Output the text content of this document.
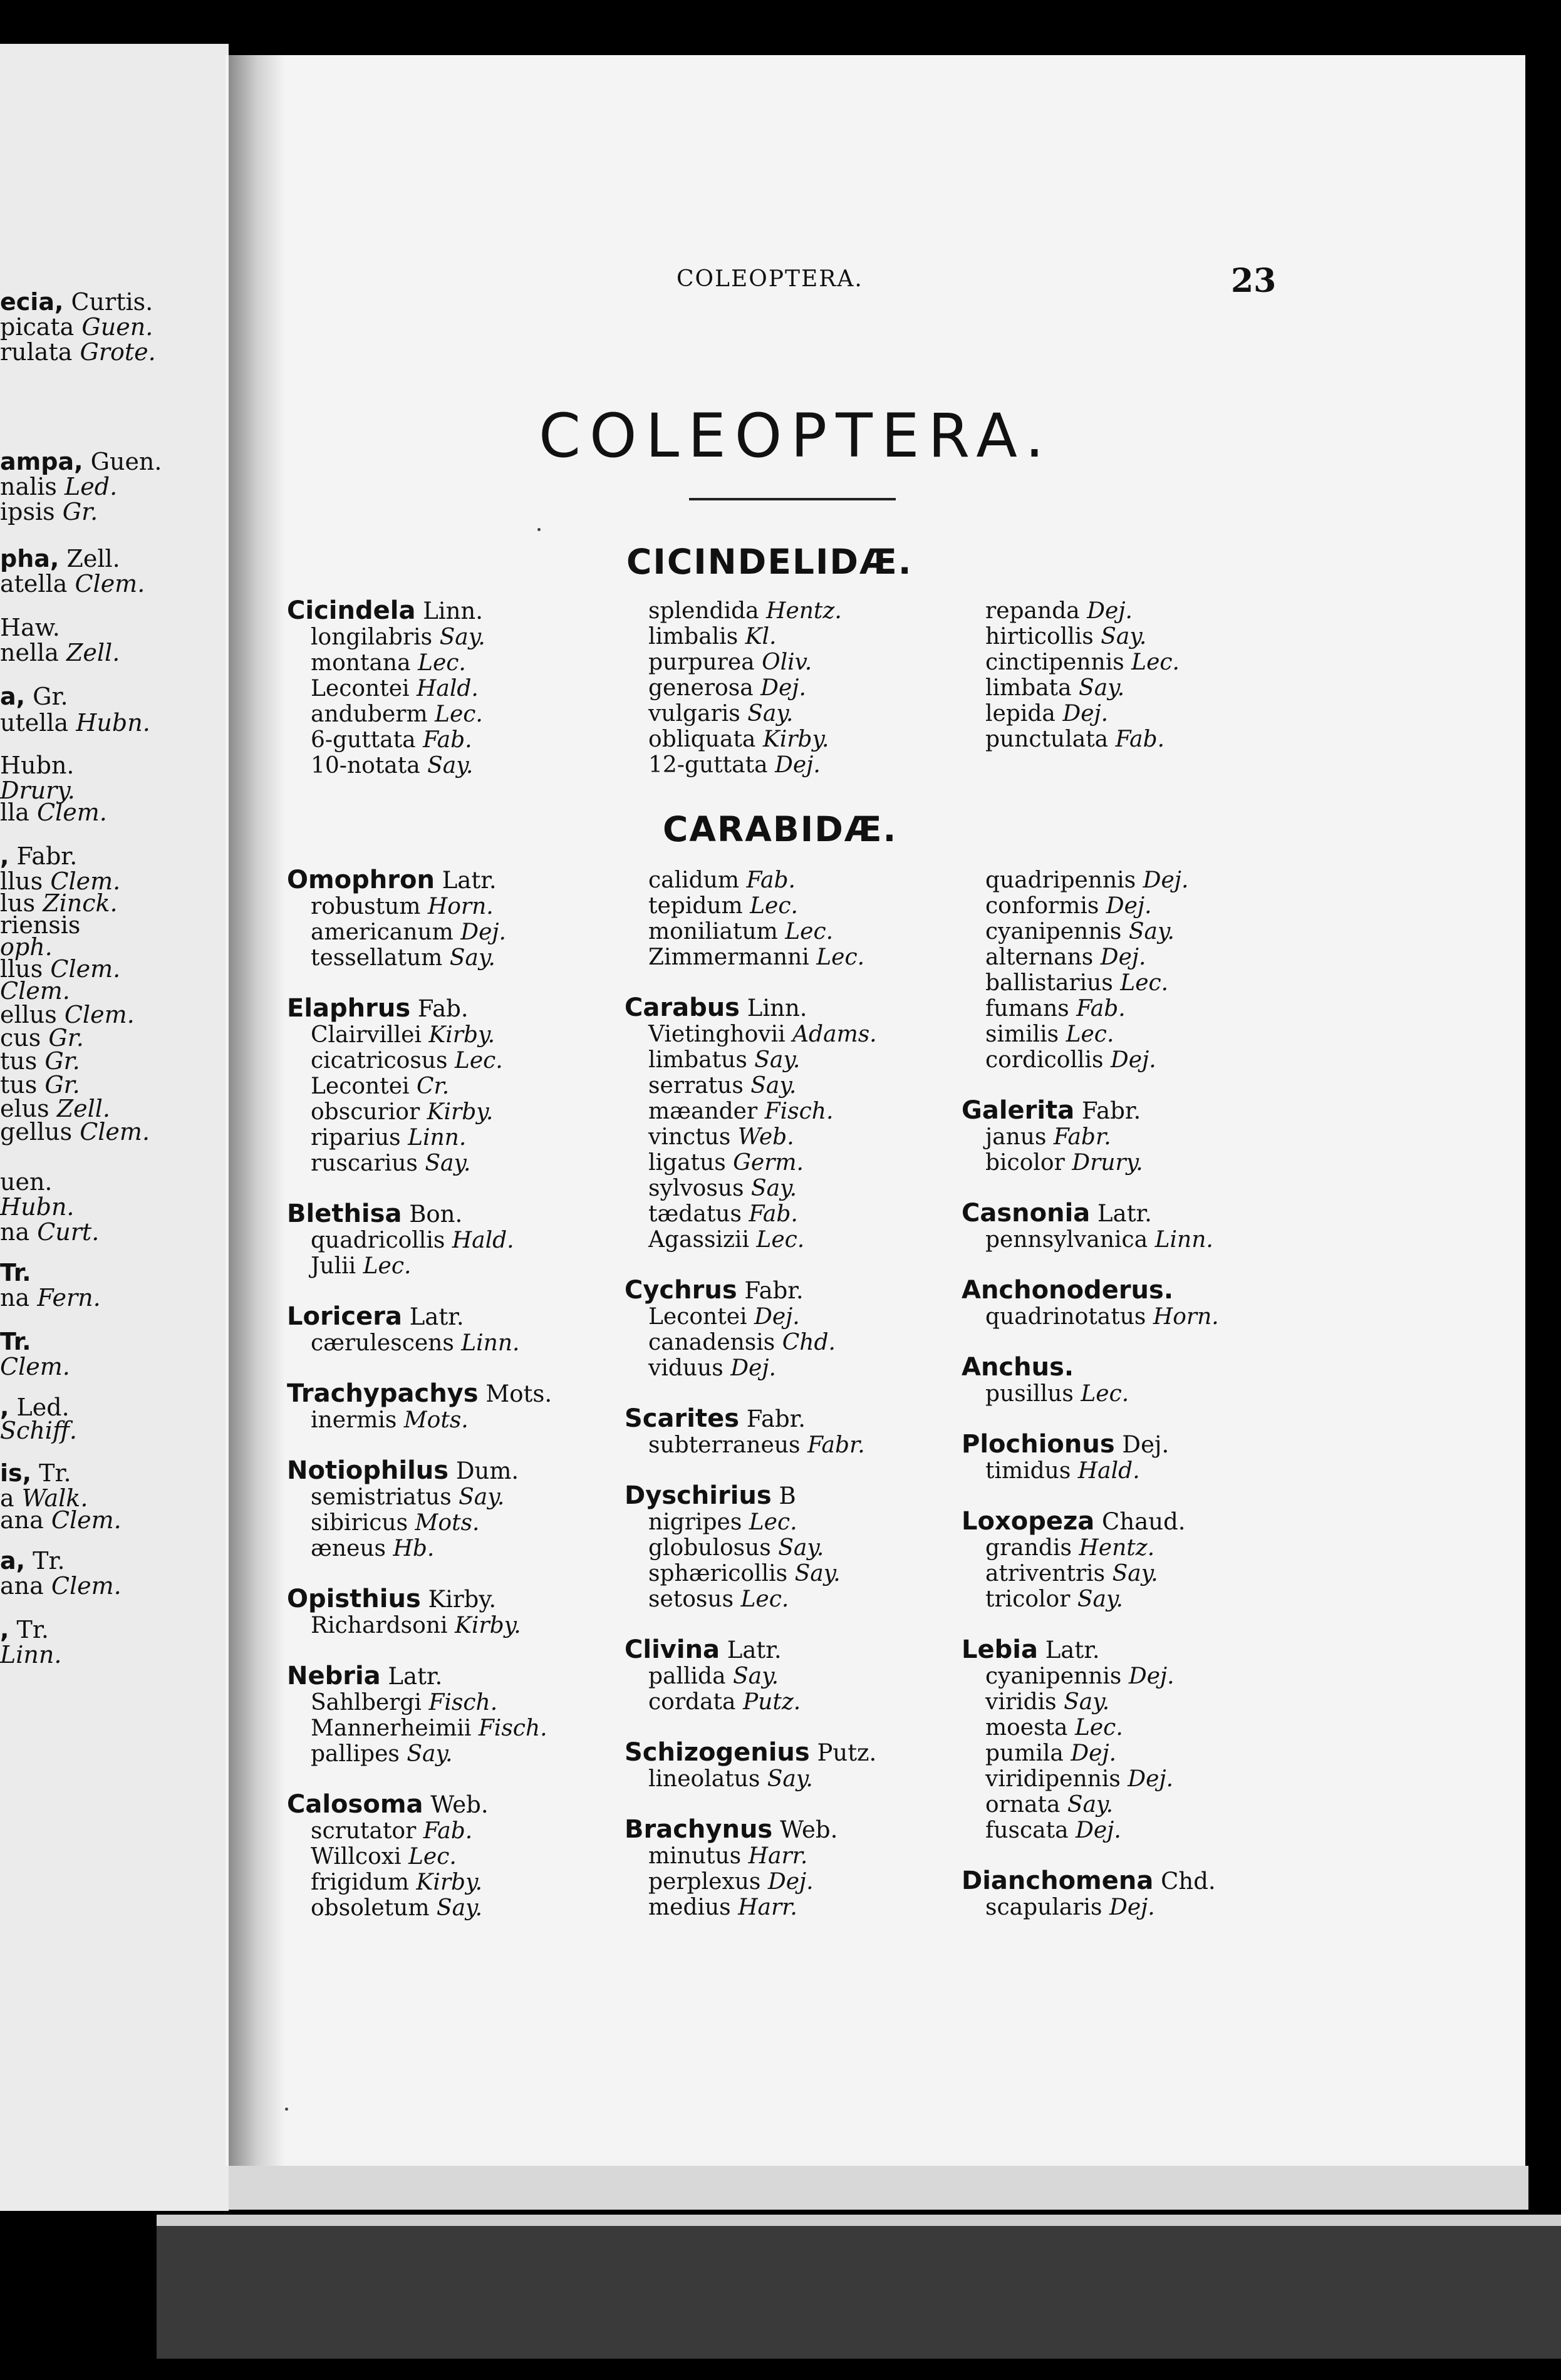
ecia, Curtis.
picata Guen.
rulata Grote.
ampa, Guen.
nalis Led.
ipsis Gr.
pha, Zell.
atella Clem.
Haw.
nella Zell.
a, Gr.
utella Hubn.
Hubn.
Drury.
lla Clem.
, Fabr.
llus Clem.
lus Zinck.
riensis
oph.
llus Clem.
Clem.
ellus Clem.
cus Gr.
tus Gr.
tus Gr.
elus Zell.
gellus Clem.
uen.
Hubn.
na Curt.
Tr.
na Fern.
Tr.
Clem.
, Led.
Schiff.
is, Tr.
a Walk.
ana Clem.
a, Tr.
ana Clem.
, Tr.
Linn.
COLEOPTERA.	23
COLEOPTERA.
CICINDELIDÆ.
CARABIDÆ.
Cicindela Linn.
longilabris Say.
montana Lec.
Lecontei Hald.
anduberm Lec.
6-guttata Fab.
10-notata Say.
splendida Hentz.
limbalis Kl.
purpurea Oliv.
generosa Dej.
vulgaris Say.
obliquata Kirby.
12-guttata Dej.
repanda Dej.
hirticollis Say.
cinctipennis Lec.
limbata Say.
lepida Dej.
punctulata Fab.
Omophron Latr.
robustum Horn.
americanum Dej.
tessellatum Say.
Elaphrus Fab.
Clairvillei Kirby.
cicatricosus Lec.
Lecontei Cr.
obscurior Kirby.
riparius Linn.
ruscarius Say.
Blethisa Bon.
quadricollis Hald.
Julii Lec.
Loricera Latr.
cærulescens Linn.
Trachypachys Mots.
inermis Mots.
Notiophilus Dum.
semistriatus Say.
sibiricus Mots.
æneus Hb.
Opisthius Kirby.
Richardsoni Kirby.
Nebria Latr.
Sahlbergi Fisch.
Mannerheimii Fisch.
pallipes Say.
Calosoma Web.
scrutator Fab.
Willcoxi Lec.
frigidum Kirby.
obsoletum Say.
calidum Fab.
tepidum Lec.
moniliatum Lec.
Zimmermanni Lec.
Carabus Linn.
Vietinghovii Adams.
limbatus Say.
serratus Say.
mæander Fisch.
vinctus Web.
ligatus Germ.
sylvosus Say.
tædatus Fab.
Agassizii Lec.
Cychrus Fabr.
Lecontei Dej.
canadensis Chd.
viduus Dej.
Scarites Fabr.
subterraneus Fabr.
Dyschirius B
nigripes Lec.
globulosus Say.
sphæricollis Say.
setosus Lec.
Clivina Latr.
pallida Say.
cordata Putz.
Schizogenius Putz.
lineolatus Say.
Brachynus Web.
minutus Harr.
perplexus Dej.
medius Harr.
quadripennis Dej.
conformis Dej.
cyanipennis Say.
alternans Dej.
ballistarius Lec.
fumans Fab.
similis Lec.
cordicollis Dej.
Galerita Fabr.
janus Fabr.
bicolor Drury.
Casnonia Latr.
pennsylvanica Linn.
Anchonoderus.
quadrinotatus Horn.
Anchus.
pusillus Lec.
Plochionus Dej.
timidus Hald.
Loxopeza Chaud.
grandis Hentz.
atriventris Say.
tricolor Say.
Lebia Latr.
cyanipennis Dej.
viridis Say.
moesta Lec.
pumila Dej.
viridipennis Dej.
ornata Say.
fuscata Dej.
Dianchomena Chd.
scapularis Dej.
